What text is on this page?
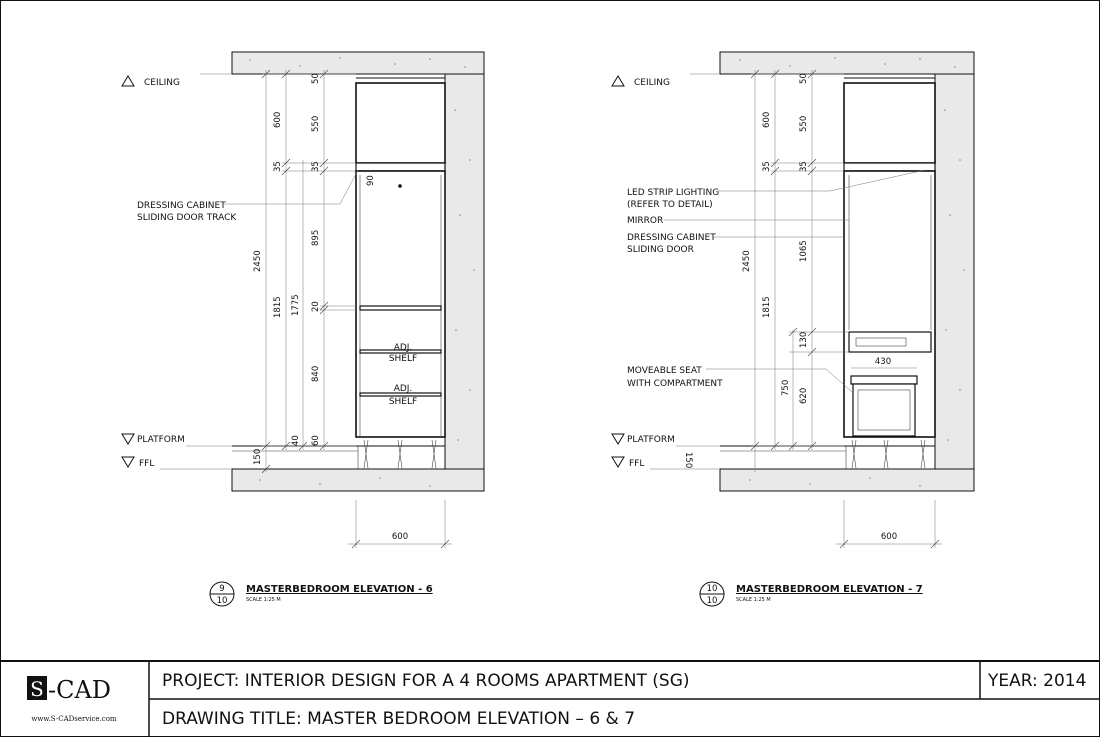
CEILING
PLATFORM
FFL
2450
600
1815 1775
550
50
35	35
895
20
840
40 60
90
150
DRESSING CABINET
SLIDING DOOR TRACK
ADJ.
SHELF
ADJ.
SHELF
600
9
10
MASTERBEDROOM ELEVATION - 6
SCALE 1:25 M
CEILING
PLATFORM
FFL
2450
600
1815
550
50
35	35
1065
130
750 620
150
430
LED STRIP LIGHTING
(REFER TO DETAIL)
MIRROR
DRESSING CABINET
SLIDING DOOR
MOVEABLE SEAT
WITH COMPARTMENT
600
10
10
MASTERBEDROOM ELEVATION - 7
SCALE 1:25 M
S -CAD
www.S-CADservice.com
PROJECT: INTERIOR DESIGN FOR A 4 ROOMS APARTMENT (SG)
DRAWING TITLE: MASTER BEDROOM ELEVATION – 6 & 7
YEAR: 2014
